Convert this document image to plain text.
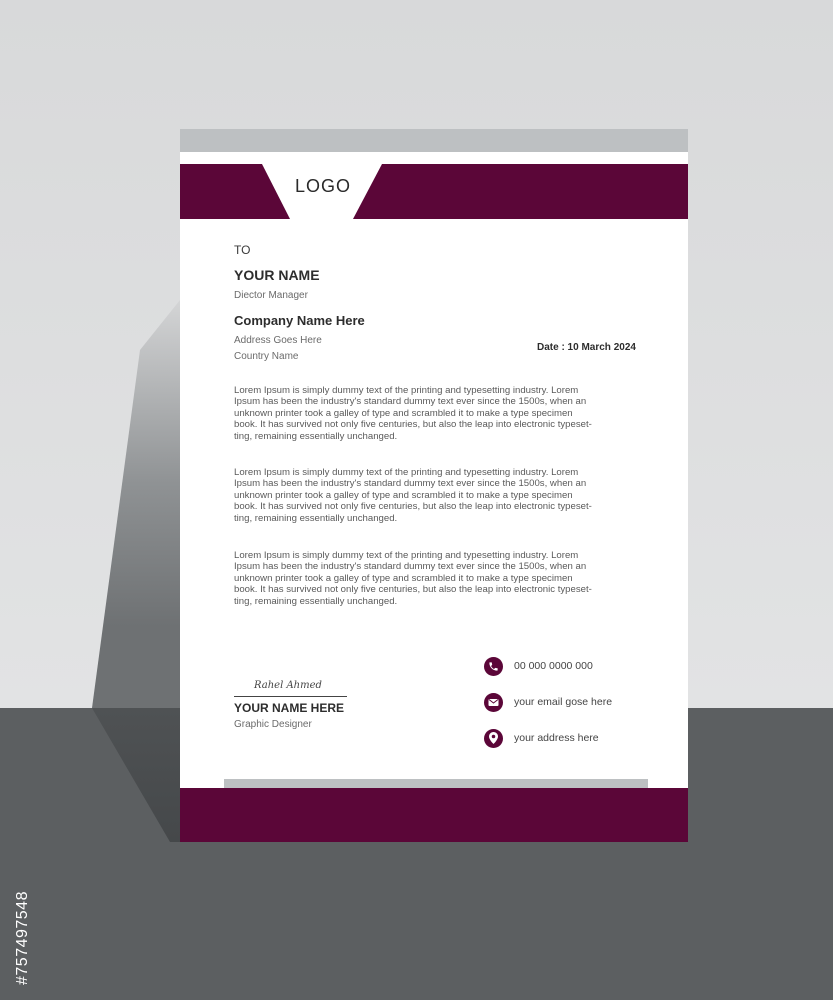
LOGO
TO
YOUR NAME
Diector Manager
Company Name Here
Address Goes Here
Country Name
Date : 10 March 2024
Lorem Ipsum is simply dummy text of the printing and typesetting industry. Lorem
Ipsum has been the industry's standard dummy text ever since the 1500s, when an
unknown printer took a galley of type and scrambled it to make a type specimen
book. It has survived not only five centuries, but also the leap into electronic typeset-
ting, remaining essentially unchanged.
Lorem Ipsum is simply dummy text of the printing and typesetting industry. Lorem
Ipsum has been the industry's standard dummy text ever since the 1500s, when an
unknown printer took a galley of type and scrambled it to make a type specimen
book. It has survived not only five centuries, but also the leap into electronic typeset-
ting, remaining essentially unchanged.
Lorem Ipsum is simply dummy text of the printing and typesetting industry. Lorem
Ipsum has been the industry's standard dummy text ever since the 1500s, when an
unknown printer took a galley of type and scrambled it to make a type specimen
book. It has survived not only five centuries, but also the leap into electronic typeset-
ting, remaining essentially unchanged.
Rahel Ahmed
YOUR NAME HERE
Graphic Designer
00 000 0000 000
your email gose here
your address here
#757497548
